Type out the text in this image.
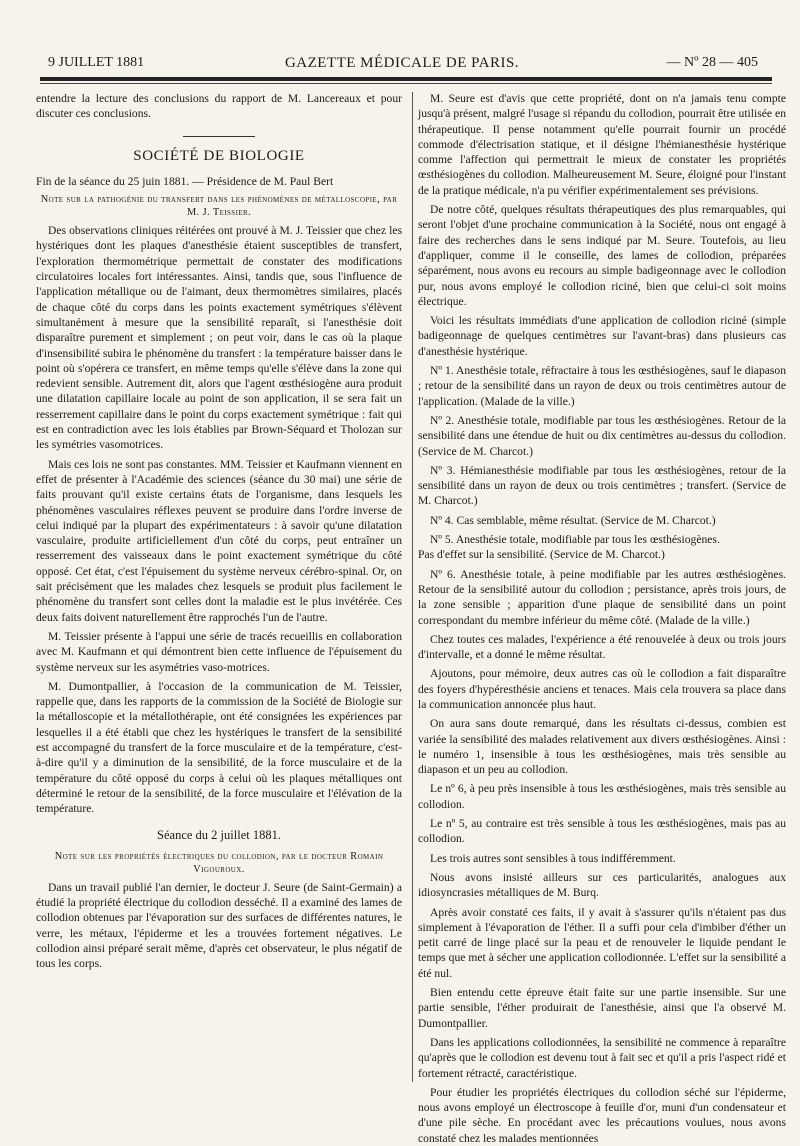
9 JUILLET 1881	GAZETTE MÉDICALE DE PARIS.	— Nº 28 — 405

entendre la lecture des conclusions du rapport de M. Lancereaux et pour discuter ces conclusions.

SOCIÉTÉ DE BIOLOGIE

Fin de la séance du 25 juin 1881. — Présidence de M. Paul Bert

Note sur la pathogénie du transfert dans les phénomènes de métalloscopie, par M. J. Teissier.

Des observations cliniques réitérées ont prouvé à M. J. Teissier que chez les hystériques dont les plaques d'anesthésie étaient susceptibles de transfert, l'exploration thermométrique permettait de constater des modifications circulatoires locales fort intéressantes. Ainsi, tandis que, sous l'influence de l'application métallique ou de l'aimant, deux thermomètres similaires, placés de chaque côté du corps dans les points exactement symétriques s'élèvent simultanément à mesure que la sensibilité reparaît, si l'anesthésie doit disparaître purement et simplement ; on peut voir, dans le cas où la plaque d'insensibilité subira le phénomène du transfert : la température baisser dans le point où s'opérera ce transfert, en même temps qu'elle s'élève dans la zone qui redevient sensible. Autrement dit, alors que l'agent œsthésiogène aura produit une dilatation capillaire locale au point de son application, il se sera fait un resserrement capillaire dans le point du corps exactement symétrique : fait qui est en contradiction avec les lois établies par Brown-Séquard et Tholozan sur les symétries vasomotrices.

Mais ces lois ne sont pas constantes. MM. Teissier et Kaufmann viennent en effet de présenter à l'Académie des sciences (séance du 30 mai) une série de faits prouvant qu'il existe certains états de l'organisme, dans lesquels les phénomènes vasculaires réflexes peuvent se produire dans l'ordre inverse de celui indiqué par la plupart des expérimentateurs : à savoir qu'une dilatation vasculaire, produite artificiellement d'un côté du corps, peut entraîner un resserrement des vaisseaux dans le point exactement symétrique du côté opposé. Cet état, c'est l'épuisement du système nerveux cérébro-spinal. Or, on sait précisément que les malades chez lesquels se produit plus facilement le phénomène du transfert sont celles dont la maladie est le plus invétérée. Ces deux faits doivent naturellement être rapprochés l'un de l'autre.

M. Teissier présente à l'appui une série de tracés recueillis en collaboration avec M. Kaufmann et qui démontrent bien cette influence de l'épuisement du système nerveux sur les asymétries vaso-motrices.

M. Dumontpallier, à l'occasion de la communication de M. Teissier, rappelle que, dans les rapports de la commission de la Société de Biologie sur la métalloscopie et la métallothérapie, ont été consignées les expériences par lesquelles il a été établi que chez les hystériques le transfert de la sensibilité est accompagné du transfert de la force musculaire et de la température, c'est-à-dire qu'il y a diminution de la sensibilité, de la force musculaire et de la température du côté opposé du corps à celui où les plaques métalliques ont déterminé le retour de la sensibilité, de la force musculaire et l'élévation de la température.

Séance du 2 juillet 1881.
Note sur les propriétés électriques du collodion, par le docteur Romain Vigouroux.

Dans un travail publié l'an dernier, le docteur J. Seure (de Saint-Germain) a étudié la propriété électrique du collodion desséché. Il a examiné des lames de collodion obtenues par l'évaporation sur des surfaces de différentes natures, le verre, les métaux, l'épiderme et les a trouvées fortement négatives. Le collodion ainsi préparé serait même, d'après cet observateur, le plus négatif de tous les corps.

M. Seure est d'avis que cette propriété, dont on n'a jamais tenu compte jusqu'à présent, malgré l'usage si répandu du collodion, pourrait être utilisée en thérapeutique. Il pense notamment qu'elle pourrait fournir un procédé commode d'électrisation statique, et il désigne l'hémianesthésie hystérique comme l'affection qui permettrait le mieux de constater les propriétés œsthésiogènes du collodion. Malheureusement M. Seure, éloigné pour l'instant de la pratique médicale, n'a pu vérifier expérimentalement ses prévisions.

De notre côté, quelques résultats thérapeutiques des plus remarquables, qui seront l'objet d'une prochaine communication à la Société, nous ont engagé à faire des recherches dans le sens indiqué par M. Seure. Toutefois, au lieu d'appliquer, comme il le conseille, des lames de collodion, préparées séparément, nous avons eu recours au simple badigeonnage avec le collodion pur, nous avons employé le collodion riciné, bien que celui-ci soit moins électrique.

Voici les résultats immédiats d'une application de collodion riciné (simple badigeonnage de quelques centimètres sur l'avant-bras) dans plusieurs cas d'anesthésie hystérique.

Nº 1. Anesthésie totale, réfractaire à tous les œsthésiogènes, sauf le diapason ; retour de la sensibilité dans un rayon de deux ou trois centimètres autour de l'application. (Malade de la ville.)

Nº 2. Anesthésie totale, modifiable par tous les œsthésiogènes. Retour de la sensibilité dans une étendue de huit ou dix centimètres au-dessus du collodion. (Service de M. Charcot.)

Nº 3. Hémianesthésie modifiable par tous les œsthésiogènes, retour de la sensibilité dans un rayon de deux ou trois centimètres ; transfert. (Service de M. Charcot.)

Nº 4. Cas semblable, même résultat. (Service de M. Charcot.)

Nº 5. Anesthésie totale, modifiable par tous les œsthésiogènes.

Pas d'effet sur la sensibilité. (Service de M. Charcot.)

Nº 6. Anesthésie totale, à peine modifiable par les autres œsthésiogènes. Retour de la sensibilité autour du collodion ; persistance, après trois jours, de la zone sensible ; apparition d'une plaque de sensibilité dans un point correspondant du membre inférieur du même côté. (Malade de la ville.)

Chez toutes ces malades, l'expérience a été renouvelée à deux ou trois jours d'intervalle, et a donné le même résultat.

Ajoutons, pour mémoire, deux autres cas où le collodion a fait disparaître des foyers d'hypéresthésie anciens et tenaces. Mais cela trouvera sa place dans la communication annoncée plus haut.

On aura sans doute remarqué, dans les résultats ci-dessus, combien est variée la sensibilité des malades relativement aux divers œsthésiogènes. Ainsi : le numéro 1, insensible à tous les œsthésiogènes, mais très sensible au diapason et un peu au collodion.

Le nº 6, à peu près insensible à tous les œsthésiogènes, mais très sensible au collodion.

Le nº 5, au contraire est très sensible à tous les œsthésiogènes, mais pas au collodion.

Les trois autres sont sensibles à tous indifféremment.

Nous avons insisté ailleurs sur ces particularités, analogues aux idiosyncrasies métalliques de M. Burq.

Après avoir constaté ces faits, il y avait à s'assurer qu'ils n'étaient pas dus simplement à l'évaporation de l'éther. Il a suffi pour cela d'imbiber d'éther un petit carré de linge placé sur la peau et de renouveler le liquide pendant le temps que met à sécher une application collodionnée. L'effet sur la sensibilité a été nul.

Bien entendu cette épreuve était faite sur une partie insensible. Sur une partie sensible, l'éther produirait de l'anesthésie, ainsi que l'a observé M. Dumontpallier.

Dans les applications collodionnées, la sensibilité ne commence à reparaître qu'après que le collodion est devenu tout à fait sec et qu'il a pris l'aspect ridé et fortement rétracté, caractéristique.

Pour étudier les propriétés électriques du collodion séché sur l'épiderme, nous avons employé un électroscope à feuille d'or, muni d'un condensateur et d'une pile sèche. En procédant avec les précautions voulues, nous avons constaté chez les malades mentionnées
